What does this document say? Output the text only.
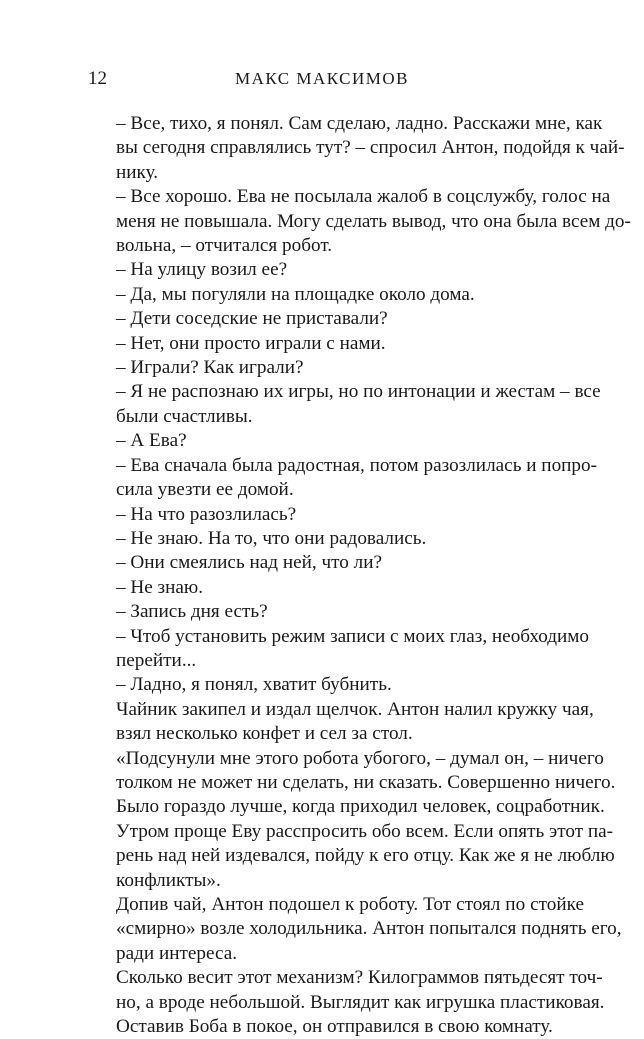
12	МАКС МАКСИМОВ

– Все, тихо, я понял. Сам сделаю, ладно. Расскажи мне, как
вы сегодня справлялись тут? – спросил Антон, подойдя к чай-
нику.

– Все хорошо. Ева не посылала жалоб в соцслужбу, голос на
меня не повышала. Могу сделать вывод, что она была всем до-
вольна, – отчитался робот.

– На улицу возил ее?

– Да, мы погуляли на площадке около дома.

– Дети соседские не приставали?

– Нет, они просто играли с нами.

– Играли? Как играли?

– Я не распознаю их игры, но по интонации и жестам – все
были счастливы.

– А Ева?

– Ева сначала была радостная, потом разозлилась и попро-
сила увезти ее домой.

– На что разозлилась?

– Не знаю. На то, что они радовались.

– Они смеялись над ней, что ли?

– Не знаю.

– Запись дня есть?

– Чтоб установить режим записи с моих глаз, необходимо
перейти...

– Ладно, я понял, хватит бубнить.

Чайник закипел и издал щелчок. Антон налил кружку чая,
взял несколько конфет и сел за стол.

«Подсунули мне этого робота убогого, – думал он, – ничего
толком не может ни сделать, ни сказать. Совершенно ничего.
Было гораздо лучше, когда приходил человек, соцработник.
Утром проще Еву расспросить обо всем. Если опять этот па-
рень над ней издевался, пойду к его отцу. Как же я не люблю
конфликты».

Допив чай, Антон подошел к роботу. Тот стоял по стойке
«смирно» возле холодильника. Антон попытался поднять его,
ради интереса.

Сколько весит этот механизм? Килограммов пятьдесят точ-
но, а вроде небольшой. Выглядит как игрушка пластиковая.

Оставив Боба в покое, он отправился в свою комнату.
